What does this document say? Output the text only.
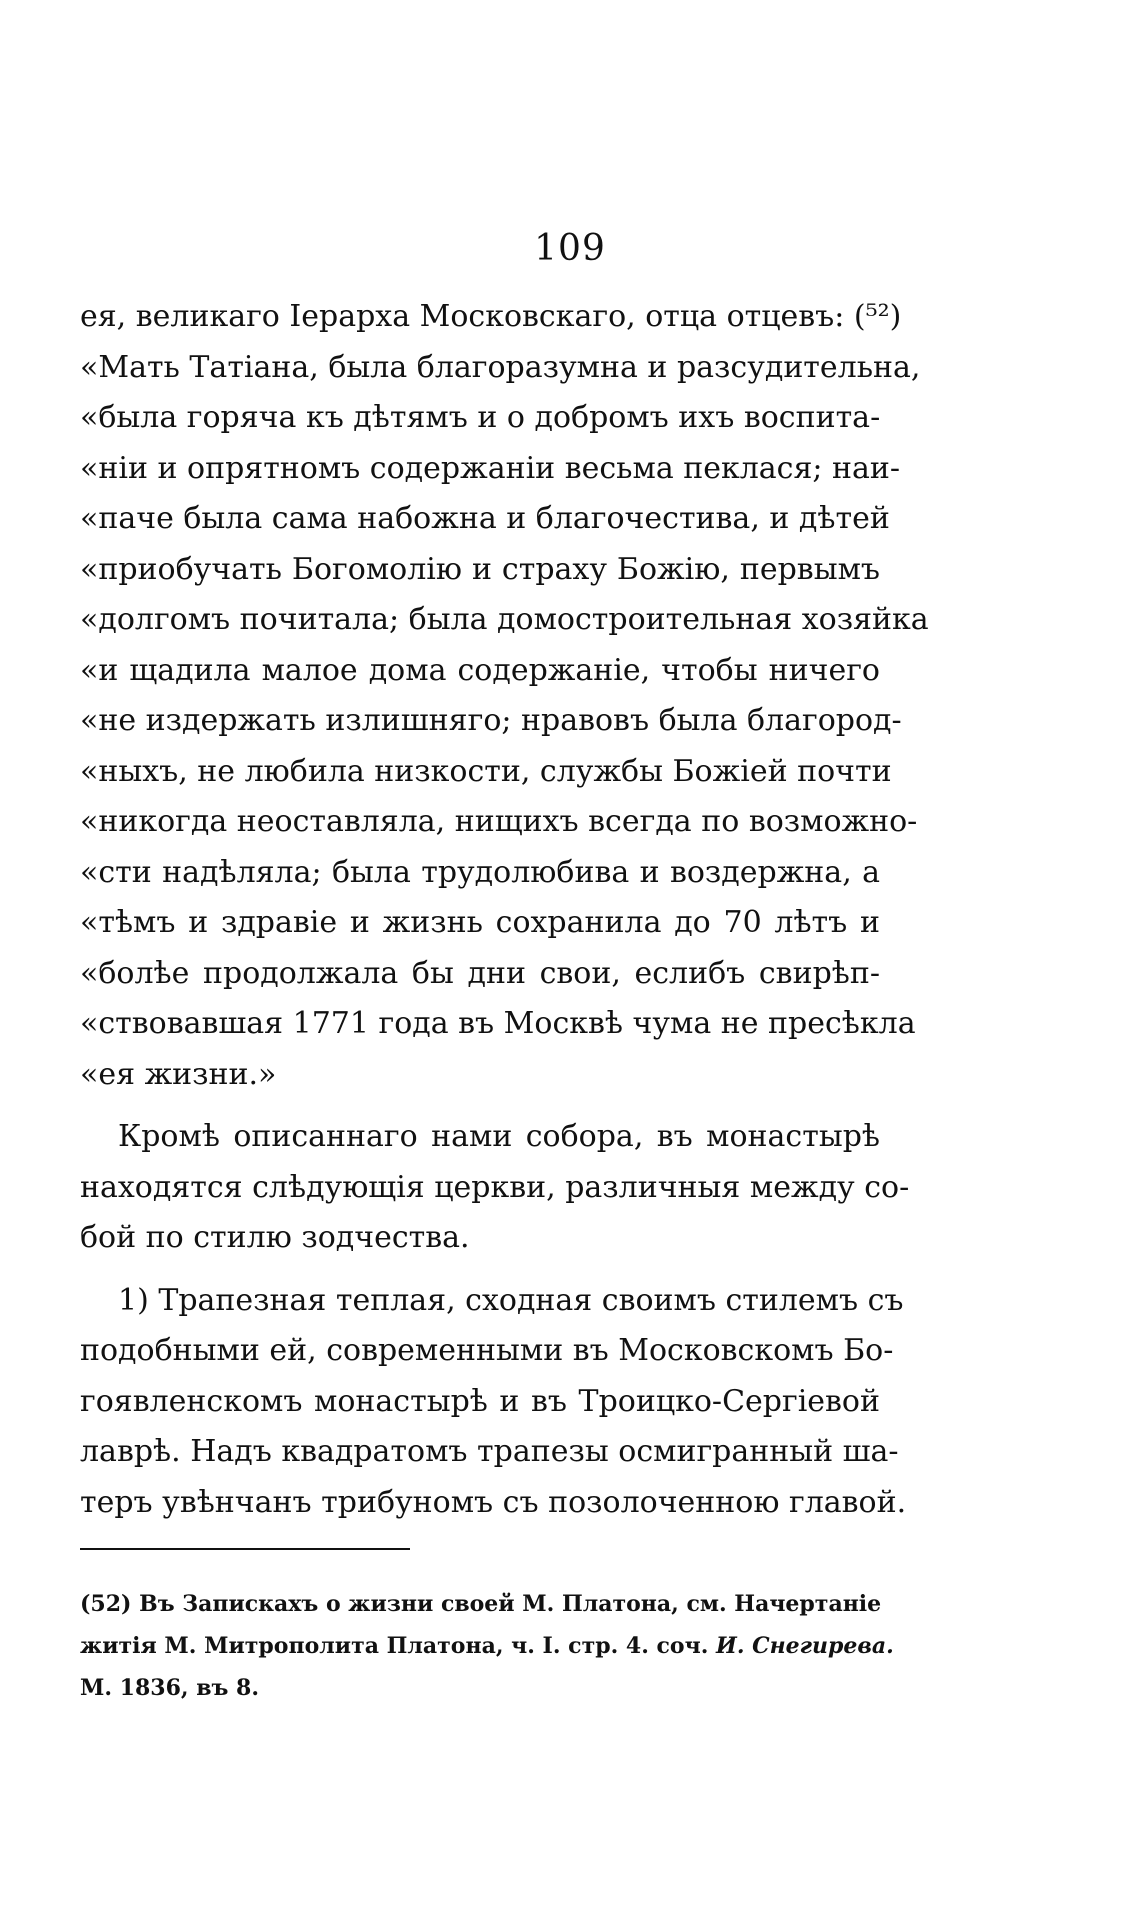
109
ея, великаго Іерарха Московскаго, отца отцевъ: (⁵²)
«Мать Татіана, была благоразумна и разсудительна,
«была горяча къ дѣтямъ и о добромъ ихъ воспита-
«ніи и опрятномъ содержаніи весьма пеклася; наи-
«паче была сама набожна и благочестива, и дѣтей
«приобучать Богомолію и страху Божію, первымъ
«долгомъ почитала; была домостроительная хозяйка
«и щадила малое дома содержаніе, чтобы ничего
«не издержать излишняго; нравовъ была благород-
«ныхъ, не любила низкости, службы Божіей почти
«никогда неоставляла, нищихъ всегда по возможно-
«сти надѣляла; была трудолюбива и воздержна, а
«тѣмъ и здравіе и жизнь сохранила до 70 лѣтъ и
«болѣе продолжала бы дни свои, еслибъ свирѣп-
«ствовавшая 1771 года въ Москвѣ чума не пресѣкла
«ея жизни.»
Кромѣ описаннаго нами собора, въ монастырѣ
находятся слѣдующія церкви, различныя между со-
бой по стилю зодчества.
1) Трапезная теплая, сходная своимъ стилемъ съ
подобными ей, современными въ Московскомъ Бо-
гоявленскомъ монастырѣ и въ Троицко-Сергіевой
лаврѣ. Надъ квадратомъ трапезы осмигранный ша-
теръ увѣнчанъ трибуномъ съ позолоченною главой.
(52) Въ Запискахъ о жизни своей М. Платона, см. Начертаніе
житія М. Митрополита Платона, ч. I. стр. 4. соч. И. Снегирева.
М. 1836, въ 8.
